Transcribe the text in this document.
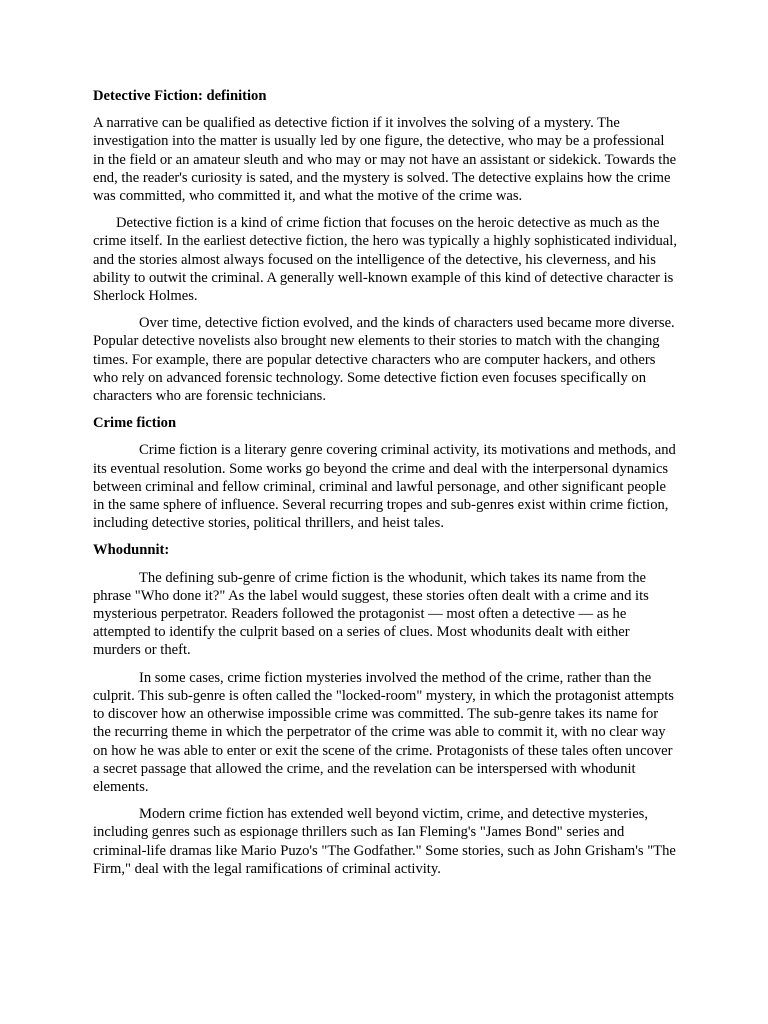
Detective Fiction: definition

A narrative can be qualified as detective fiction if it involves the solving of a mystery. The investigation into the matter is usually led by one figure, the detective, who may be a professional in the field or an amateur sleuth and who may or may not have an assistant or sidekick. Towards the end, the reader's curiosity is sated, and the mystery is solved. The detective explains how the crime was committed, who committed it, and what the motive of the crime was.

Detective fiction is a kind of crime fiction that focuses on the heroic detective as much as the crime itself. In the earliest detective fiction, the hero was typically a highly sophisticated individual, and the stories almost always focused on the intelligence of the detective, his cleverness, and his ability to outwit the criminal. A generally well-known example of this kind of detective character is Sherlock Holmes.

Over time, detective fiction evolved, and the kinds of characters used became more diverse. Popular detective novelists also brought new elements to their stories to match with the changing times. For example, there are popular detective characters who are computer hackers, and others who rely on advanced forensic technology. Some detective fiction even focuses specifically on characters who are forensic technicians.

Crime fiction

Crime fiction is a literary genre covering criminal activity, its motivations and methods, and its eventual resolution. Some works go beyond the crime and deal with the interpersonal dynamics between criminal and fellow criminal, criminal and lawful personage, and other significant people in the same sphere of influence. Several recurring tropes and sub-genres exist within crime fiction, including detective stories, political thrillers, and heist tales.

Whodunnit:

The defining sub-genre of crime fiction is the whodunit, which takes its name from the phrase "Who done it?" As the label would suggest, these stories often dealt with a crime and its mysterious perpetrator. Readers followed the protagonist — most often a detective — as he attempted to identify the culprit based on a series of clues. Most whodunits dealt with either murders or theft.

In some cases, crime fiction mysteries involved the method of the crime, rather than the culprit. This sub-genre is often called the "locked-room" mystery, in which the protagonist attempts to discover how an otherwise impossible crime was committed. The sub-genre takes its name for the recurring theme in which the perpetrator of the crime was able to commit it, with no clear way on how he was able to enter or exit the scene of the crime. Protagonists of these tales often uncover a secret passage that allowed the crime, and the revelation can be interspersed with whodunit elements.

Modern crime fiction has extended well beyond victim, crime, and detective mysteries, including genres such as espionage thrillers such as Ian Fleming's "James Bond" series and criminal-life dramas like Mario Puzo's "The Godfather." Some stories, such as John Grisham's "The Firm," deal with the legal ramifications of criminal activity.
